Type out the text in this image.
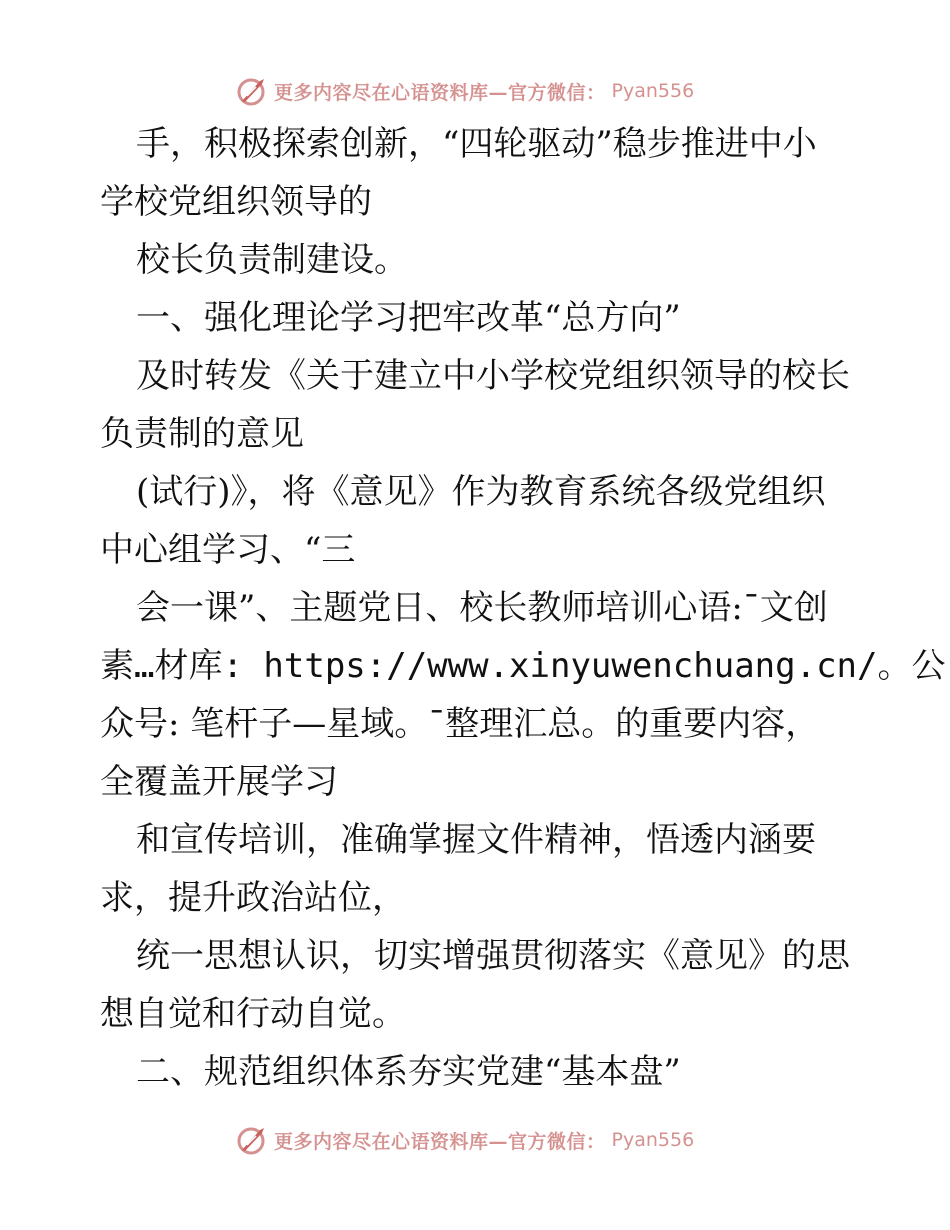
更多内容尽在心语资料库—官方微信： Pyan556
手，积极探索创新，“四轮驱动”稳步推进中小
学校党组织领导的
校长负责制建设。
一、强化理论学习把牢改革“总方向”
及时转发《关于建立中小学校党组织领导的校长
负责制的意见
(试行)》，将《意见》作为教育系统各级党组织
中心组学习、“三
会一课”、主题党日、校长教师培训心语:¯文创
素…材库: https://www.xinyuwenchuang.cn/。公
众号: 笔杆子—星域。¯整理汇总。的重要内容，
全覆盖开展学习
和宣传培训，准确掌握文件精神，悟透内涵要
求，提升政治站位，
统一思想认识，切实增强贯彻落实《意见》的思
想自觉和行动自觉。
二、规范组织体系夯实党建“基本盘”
更多内容尽在心语资料库—官方微信： Pyan556
